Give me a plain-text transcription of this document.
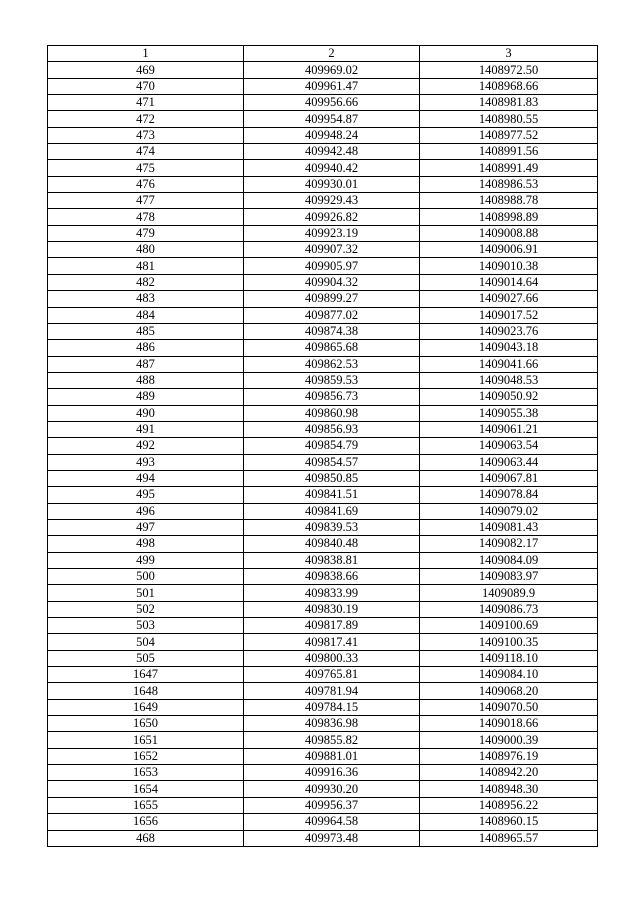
1	2	3
469	409969.02	1408972.50
470	409961.47	1408968.66
471	409956.66	1408981.83
472	409954.87	1408980.55
473	409948.24	1408977.52
474	409942.48	1408991.56
475	409940.42	1408991.49
476	409930.01	1408986.53
477	409929.43	1408988.78
478	409926.82	1408998.89
479	409923.19	1409008.88
480	409907.32	1409006.91
481	409905.97	1409010.38
482	409904.32	1409014.64
483	409899.27	1409027.66
484	409877.02	1409017.52
485	409874.38	1409023.76
486	409865.68	1409043.18
487	409862.53	1409041.66
488	409859.53	1409048.53
489	409856.73	1409050.92
490	409860.98	1409055.38
491	409856.93	1409061.21
492	409854.79	1409063.54
493	409854.57	1409063.44
494	409850.85	1409067.81
495	409841.51	1409078.84
496	409841.69	1409079.02
497	409839.53	1409081.43
498	409840.48	1409082.17
499	409838.81	1409084.09
500	409838.66	1409083.97
501	409833.99	1409089.9
502	409830.19	1409086.73
503	409817.89	1409100.69
504	409817.41	1409100.35
505	409800.33	1409118.10
1647	409765.81	1409084.10
1648	409781.94	1409068.20
1649	409784.15	1409070.50
1650	409836.98	1409018.66
1651	409855.82	1409000.39
1652	409881.01	1408976.19
1653	409916.36	1408942.20
1654	409930.20	1408948.30
1655	409956.37	1408956.22
1656	409964.58	1408960.15
468	409973.48	1408965.57
